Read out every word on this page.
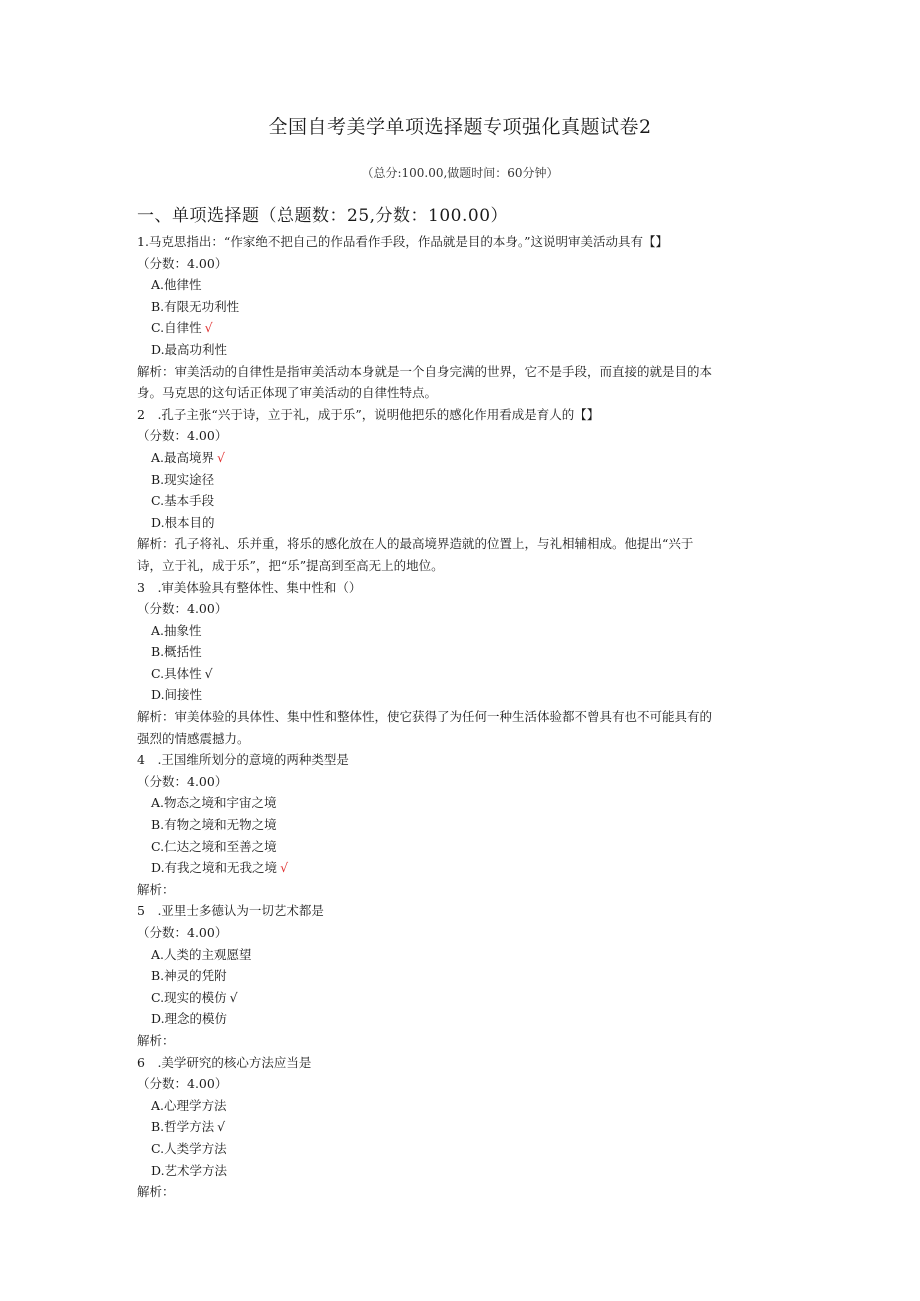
全国自考美学单项选择题专项强化真题试卷2
（总分:100.00,做题时间：60分钟）
一、单项选择题（总题数：25,分数：100.00）
1.马克思指出：“作家绝不把自己的作品看作手段，作品就是目的本身。”这说明审美活动具有【】
（分数：4.00）
A.他律性
B.有限无功利性
C.自律性 √
D.最高功利性
解析：审美活动的自律性是指审美活动本身就是一个自身完满的世界，它不是手段，而直接的就是目的本
身。马克思的这句话正体现了审美活动的自律性特点。
2　.孔子主张“兴于诗，立于礼，成于乐”，说明他把乐的感化作用看成是育人的【】
（分数：4.00）
A.最高境界 √
B.现实途径
C.基本手段
D.根本目的
解析：孔子将礼、乐并重，将乐的感化放在人的最高境界造就的位置上，与礼相辅相成。他提出“兴于
诗，立于礼，成于乐”，把“乐”提高到至高无上的地位。
3　.审美体验具有整体性、集中性和（）
（分数：4.00）
A.抽象性
B.概括性
C.具体性 √
D.间接性
解析：审美体验的具体性、集中性和整体性，使它获得了为任何一种生活体验都不曾具有也不可能具有的
强烈的情感震撼力。
4　.王国维所划分的意境的两种类型是
（分数：4.00）
A.物态之境和宇宙之境
B.有物之境和无物之境
C.仁达之境和至善之境
D.有我之境和无我之境 √
解析：
5　.亚里士多德认为一切艺术都是
（分数：4.00）
A.人类的主观愿望
B.神灵的凭附
C.现实的模仿 √
D.理念的模仿
解析：
6　.美学研究的核心方法应当是
（分数：4.00）
A.心理学方法
B.哲学方法 √
C.人类学方法
D.艺术学方法
解析：
